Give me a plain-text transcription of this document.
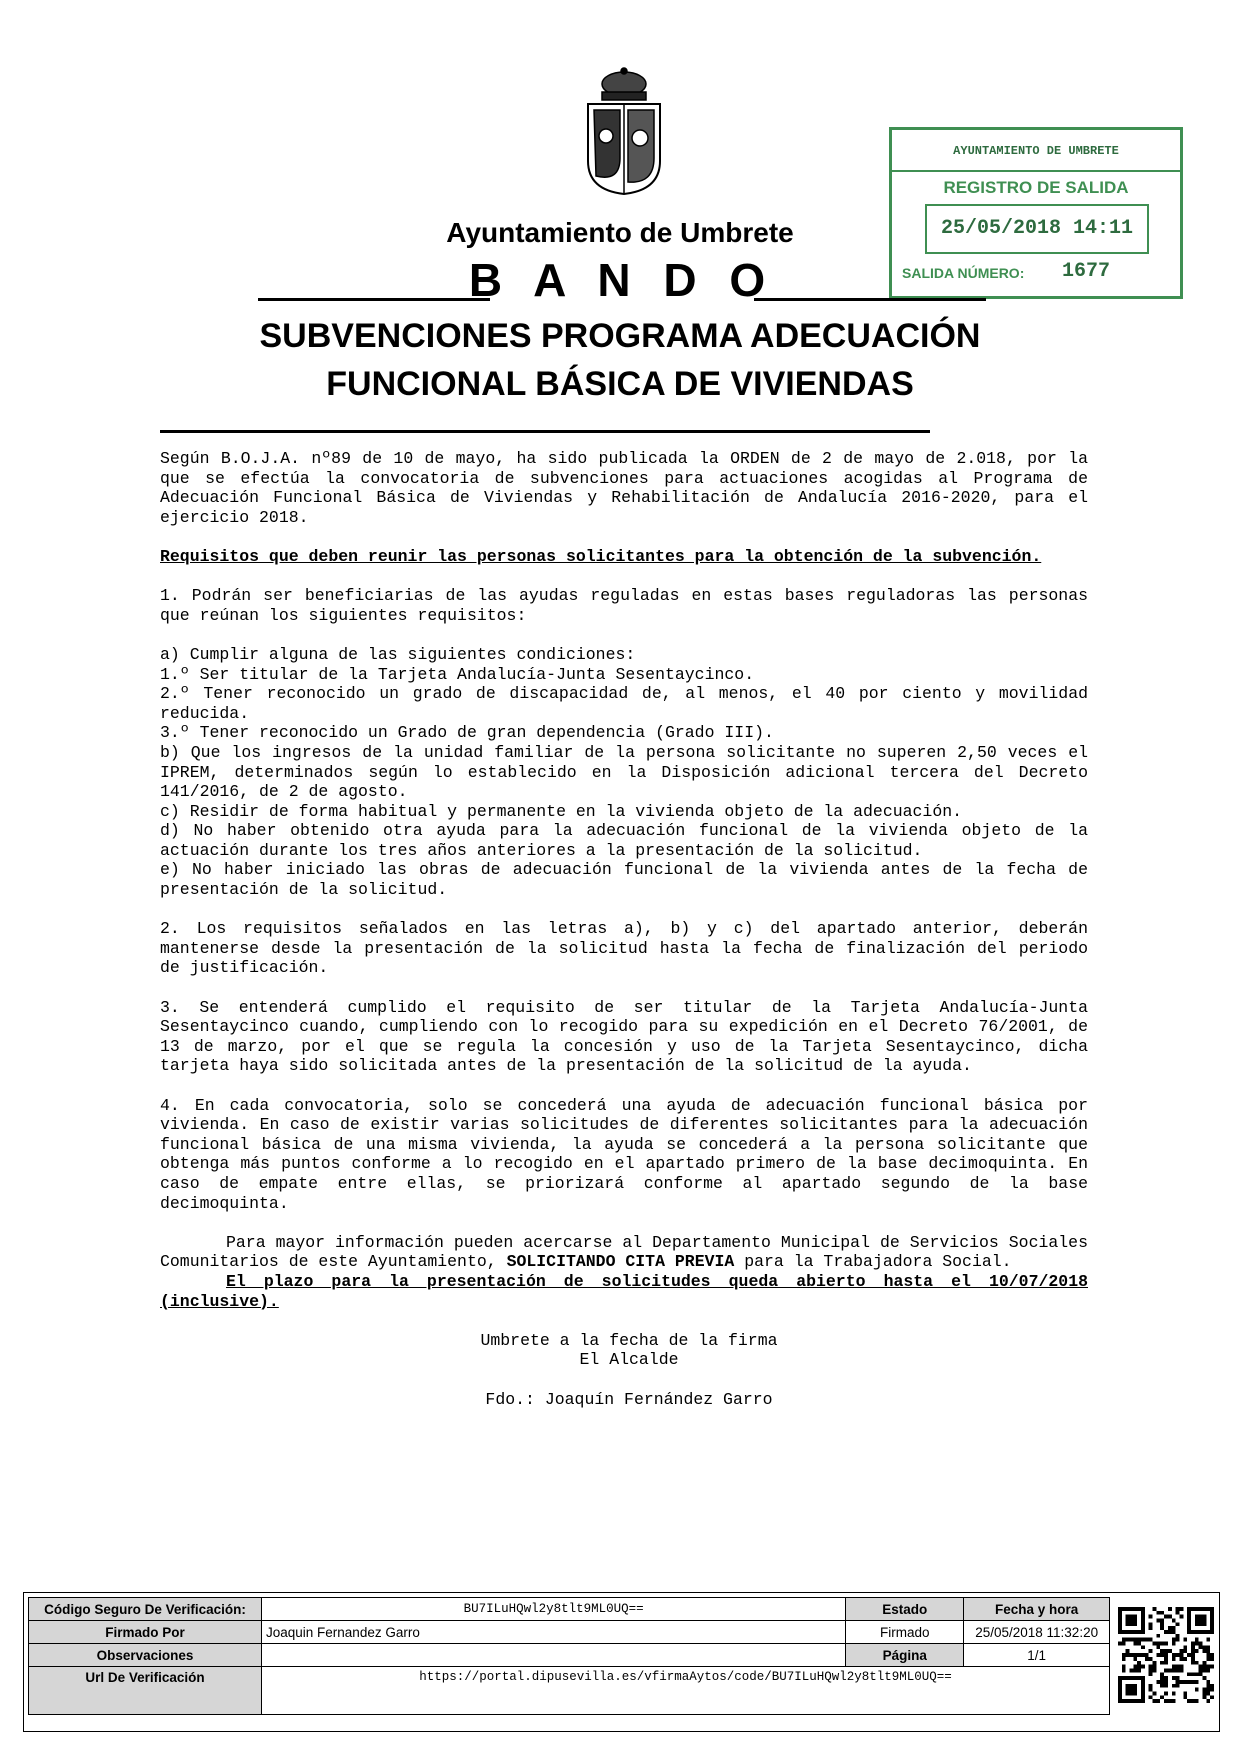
AYUNTAMIENTO DE UMBRETE
REGISTRO DE SALIDA
25/05/2018 14:11
SALIDA NÚMERO: 1677
Ayuntamiento de Umbrete
B A N D O
SUBVENCIONES PROGRAMA ADECUACIÓN
FUNCIONAL BÁSICA DE VIVIENDAS

Según B.O.J.A. nº89 de 10 de mayo, ha sido publicada la ORDEN de 2 de mayo de 2.018, por la que se efectúa la convocatoria de subvenciones para actuaciones acogidas al Programa de Adecuación Funcional Básica de Viviendas y Rehabilitación de Andalucía 2016-2020, para el ejercicio 2018.

Requisitos que deben reunir las personas solicitantes para la obtención de la subvención.

1. Podrán ser beneficiarias de las ayudas reguladas en estas bases reguladoras las personas que reúnan los siguientes requisitos:

a) Cumplir alguna de las siguientes condiciones:
1.º Ser titular de la Tarjeta Andalucía-Junta Sesentaycinco.
2.º Tener reconocido un grado de discapacidad de, al menos, el 40 por ciento y movilidad reducida.
3.º Tener reconocido un Grado de gran dependencia (Grado III).
b) Que los ingresos de la unidad familiar de la persona solicitante no superen 2,50 veces el IPREM, determinados según lo establecido en la Disposición adicional tercera del Decreto 141/2016, de 2 de agosto.
c) Residir de forma habitual y permanente en la vivienda objeto de la adecuación.
d) No haber obtenido otra ayuda para la adecuación funcional de la vivienda objeto de la actuación durante los tres años anteriores a la presentación de la solicitud.
e) No haber iniciado las obras de adecuación funcional de la vivienda antes de la fecha de presentación de la solicitud.

2. Los requisitos señalados en las letras a), b) y c) del apartado anterior, deberán mantenerse desde la presentación de la solicitud hasta la fecha de finalización del periodo de justificación.

3. Se entenderá cumplido el requisito de ser titular de la Tarjeta Andalucía-Junta Sesentaycinco cuando, cumpliendo con lo recogido para su expedición en el Decreto 76/2001, de 13 de marzo, por el que se regula la concesión y uso de la Tarjeta Sesentaycinco, dicha tarjeta haya sido solicitada antes de la presentación de la solicitud de la ayuda.

4. En cada convocatoria, solo se concederá una ayuda de adecuación funcional básica por vivienda. En caso de existir varias solicitudes de diferentes solicitantes para la adecuación funcional básica de una misma vivienda, la ayuda se concederá a la persona solicitante que obtenga más puntos conforme a lo recogido en el apartado primero de la base decimoquinta. En caso de empate entre ellas, se priorizará conforme al apartado segundo de la base decimoquinta.

Para mayor información pueden acercarse al Departamento Municipal de Servicios Sociales Comunitarios de este Ayuntamiento, SOLICITANDO CITA PREVIA para la Trabajadora Social.

El plazo para la presentación de solicitudes queda abierto hasta el 10/07/2018 (inclusive).

Umbrete a la fecha de la firma
El Alcalde
Fdo.: Joaquín Fernández Garro
Código Seguro De Verificación:	BU7ILuHQwl2y8tlt9ML0UQ==	Estado	Fecha y hora
Firmado Por	Joaquin Fernandez Garro	Firmado	25/05/2018 11:32:20
Observaciones		Página	1/1
Url De Verificación	https://portal.dipusevilla.es/vfirmaAytos/code/BU7ILuHQwl2y8tlt9ML0UQ==		
